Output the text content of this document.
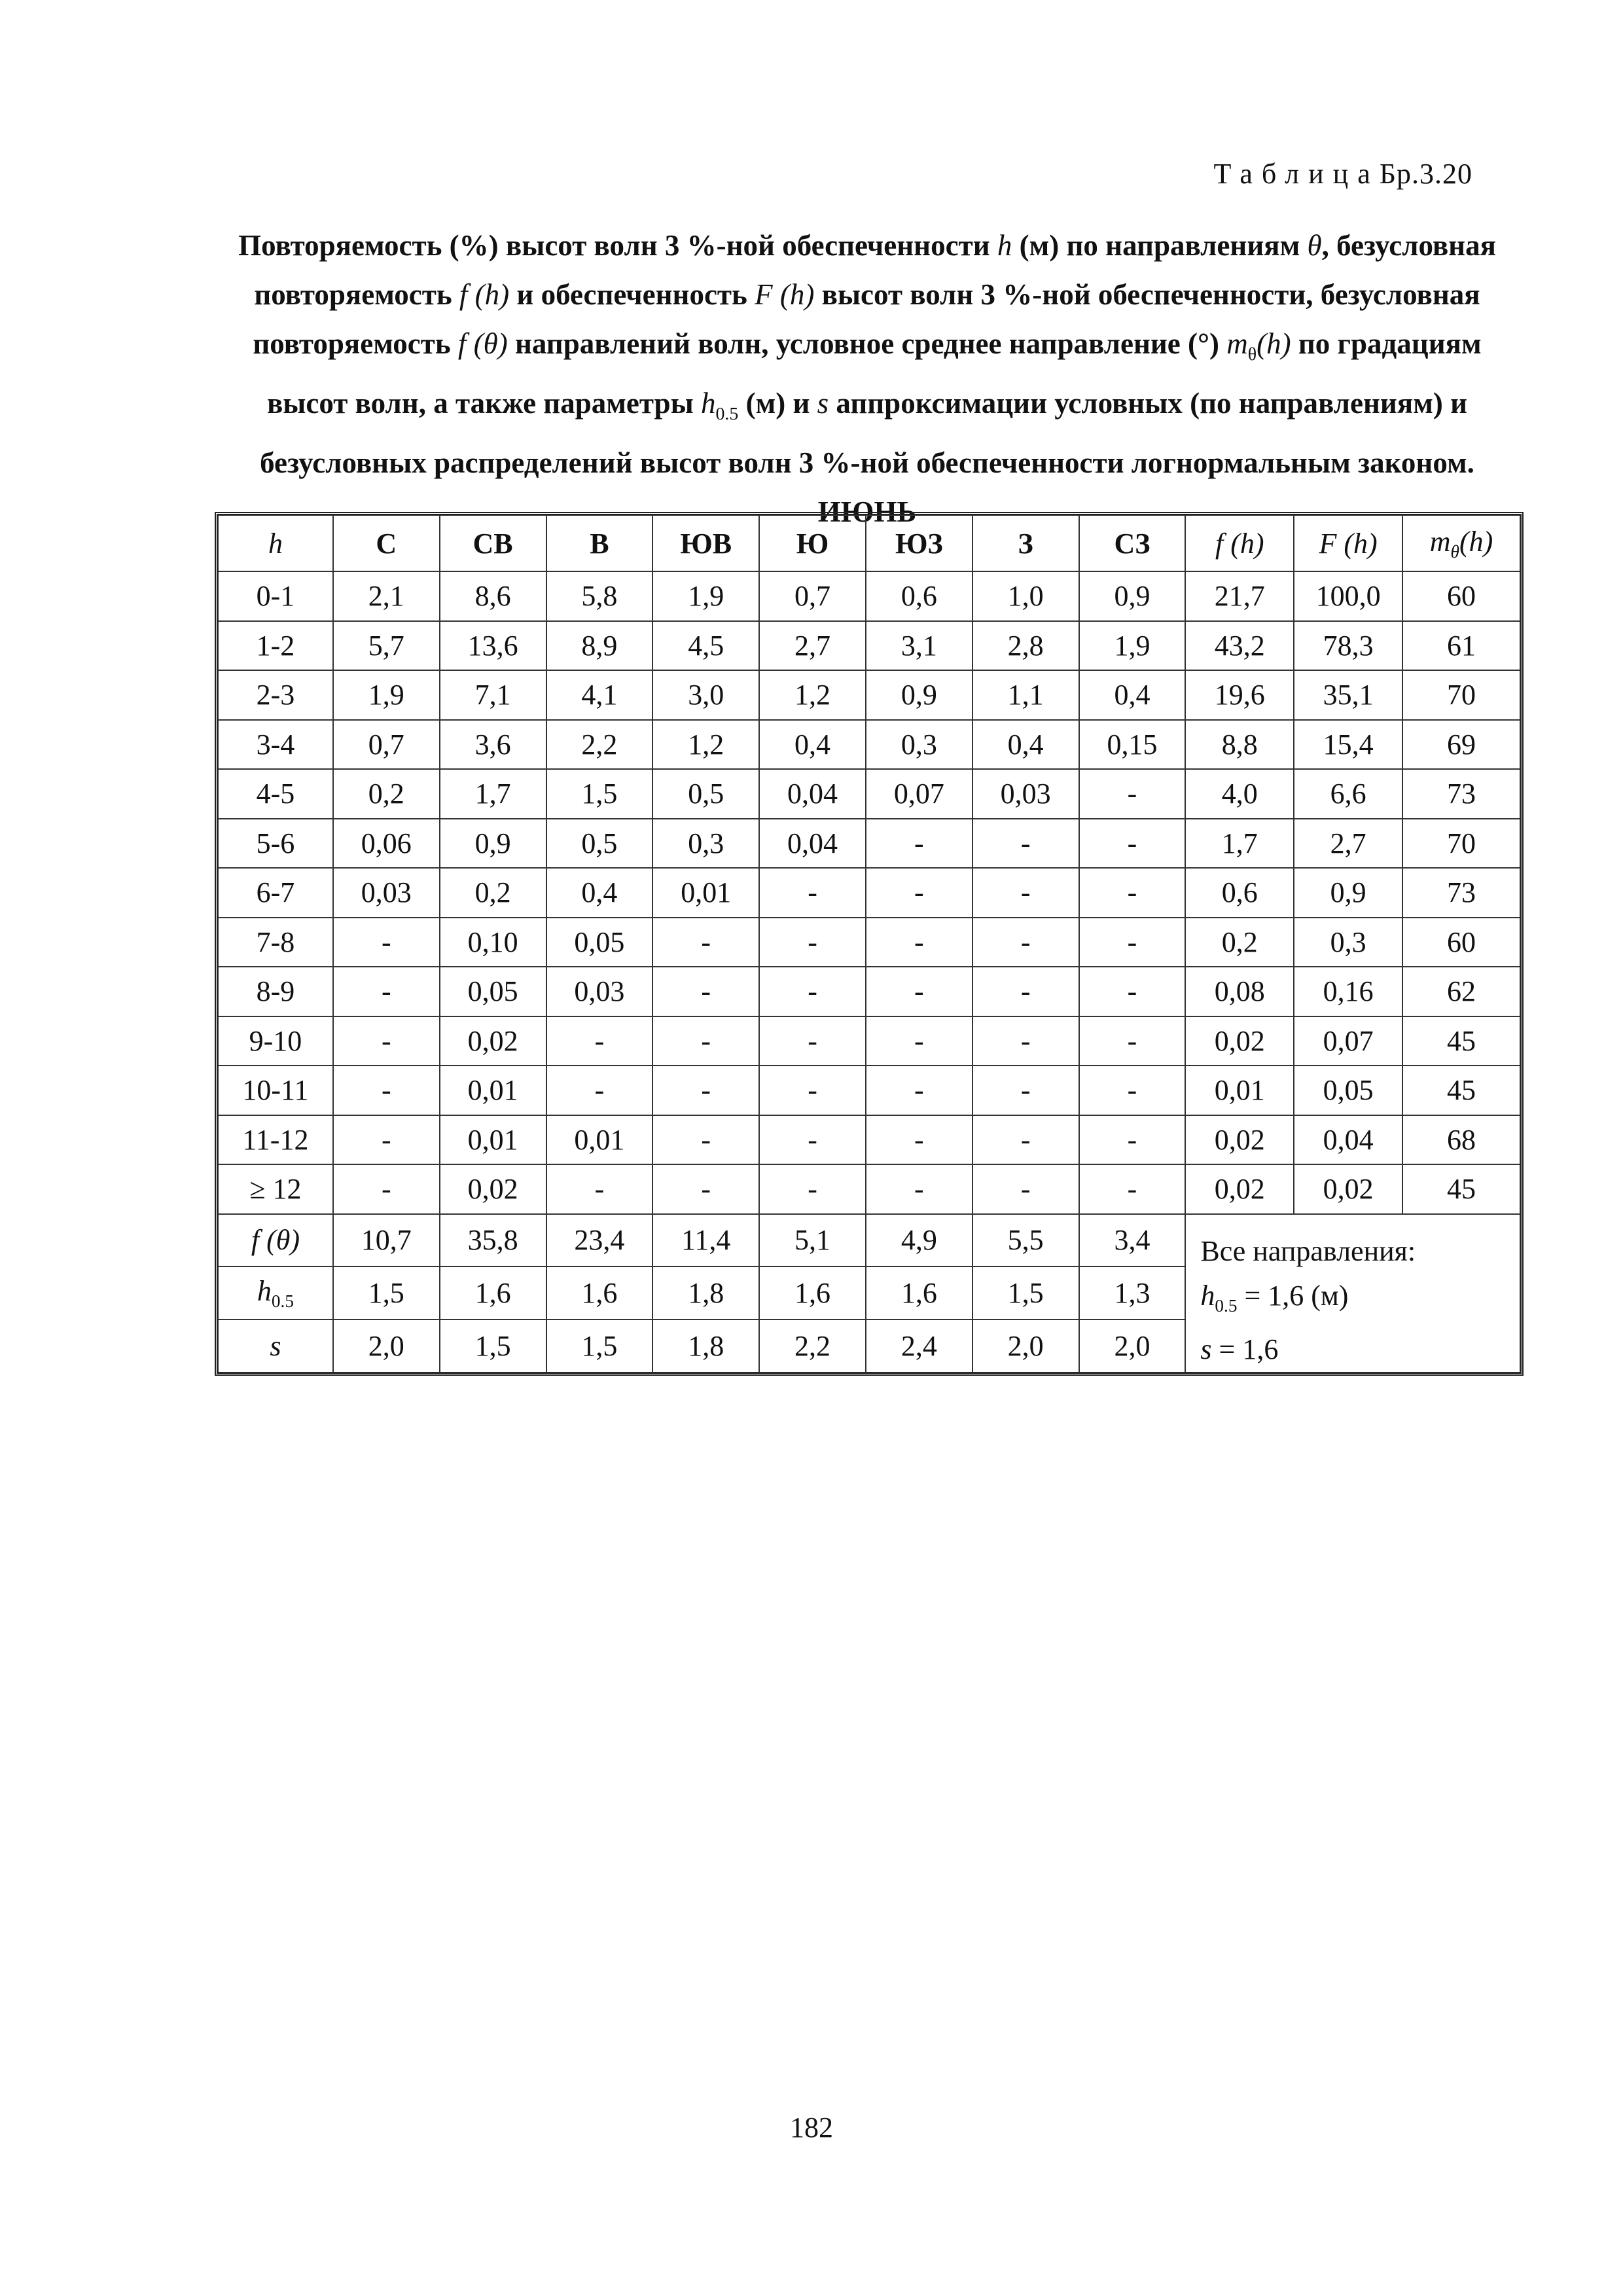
ТаблицаБр.3.20
Повторяемость (%) высот волн 3 %-ной обеспеченности h (м) по направлениям θ, безусловная повторяемость f (h) и обеспеченность F (h) высот волн 3 %-ной обеспеченности, безусловная повторяемость f (θ) направлений волн, условное среднее направление (°) $m_\theta(h)$ по градациям высот волн, а также параметры $h_{0.5}$ (м) и s аппроксимации условных (по направлениям) и безусловных распределений высот волн 3 %-ной обеспеченности логнормальным законом. ИЮНЬ
h	С	СВ	В	ЮВ	Ю	ЮЗ	З	СЗ	f (h)	F (h)	$m_\theta(h)$
0-1	2,1	8,6	5,8	1,9	0,7	0,6	1,0	0,9	21,7	100,0	60
1-2	5,7	13,6	8,9	4,5	2,7	3,1	2,8	1,9	43,2	78,3	61
2-3	1,9	7,1	4,1	3,0	1,2	0,9	1,1	0,4	19,6	35,1	70
3-4	0,7	3,6	2,2	1,2	0,4	0,3	0,4	0,15	8,8	15,4	69
4-5	0,2	1,7	1,5	0,5	0,04	0,07	0,03	-	4,0	6,6	73
5-6	0,06	0,9	0,5	0,3	0,04	-	-	-	1,7	2,7	70
6-7	0,03	0,2	0,4	0,01	-	-	-	-	0,6	0,9	73
7-8	-	0,10	0,05	-	-	-	-	-	0,2	0,3	60
8-9	-	0,05	0,03	-	-	-	-	-	0,08	0,16	62
9-10	-	0,02	-	-	-	-	-	-	0,02	0,07	45
10-11	-	0,01	-	-	-	-	-	-	0,01	0,05	45
11-12	-	0,01	0,01	-	-	-	-	-	0,02	0,04	68
≥ 12	-	0,02	-	-	-	-	-	-	0,02	0,02	45
f (θ)	10,7	35,8	23,4	11,4	5,1	4,9	5,5	3,4	Все направления:
$h_{0.5} = 1,6$ (м)
s = 1,6		

$h_{0.5}$	1,5	1,6	1,6	1,8	1,6	1,6	1,5	1,3			
s	2,0	1,5	1,5	1,8	2,2	2,4	2,0	2,0			
182
